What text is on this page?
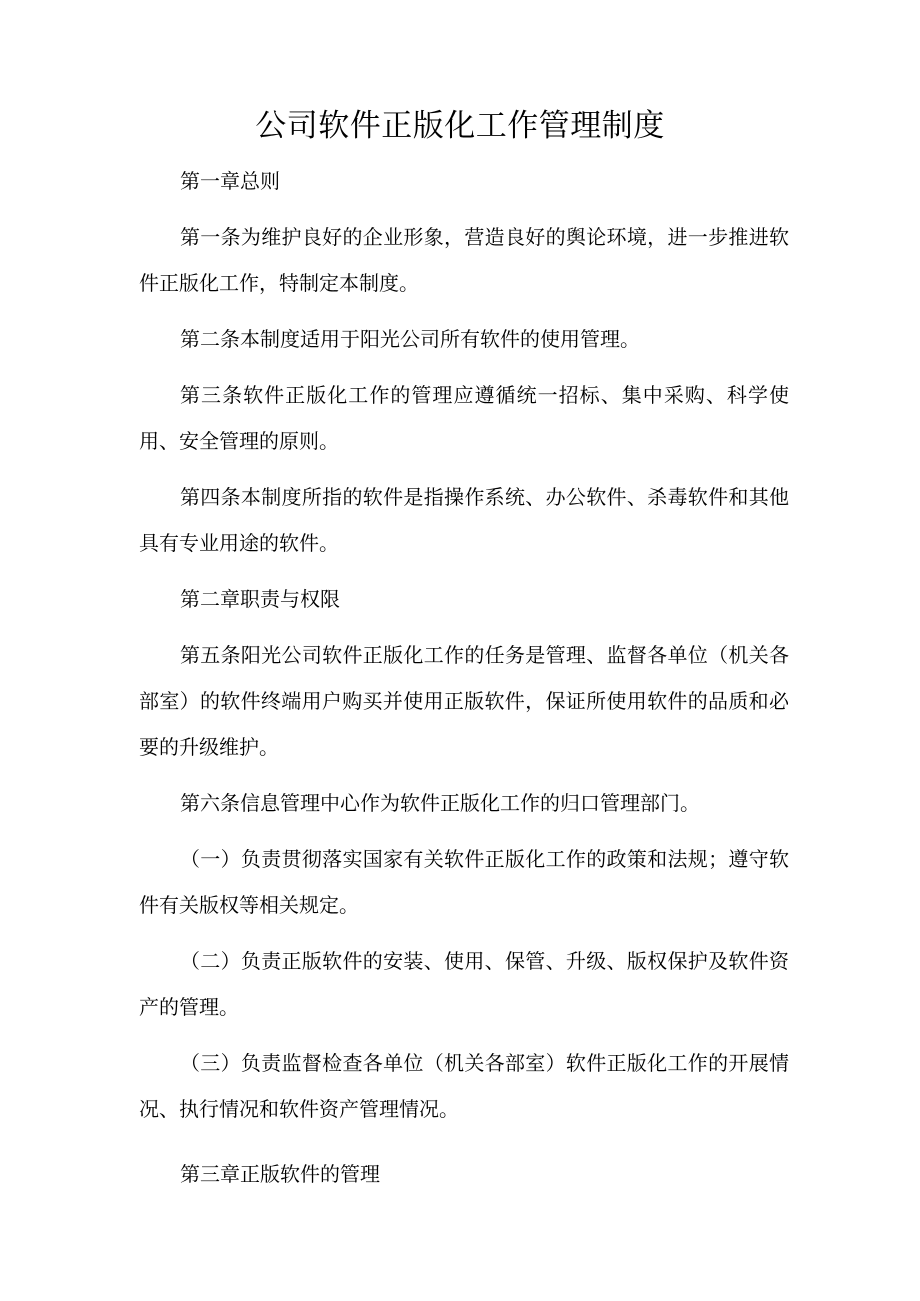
公司软件正版化工作管理制度

第一章总则

第一条为维护良好的企业形象，营造良好的舆论环境，进一步推进软件正版化工作，特制定本制度。

第二条本制度适用于阳光公司所有软件的使用管理。

第三条软件正版化工作的管理应遵循统一招标、集中采购、科学使用、安全管理的原则。

第四条本制度所指的软件是指操作系统、办公软件、杀毒软件和其他具有专业用途的软件。

第二章职责与权限

第五条阳光公司软件正版化工作的任务是管理、监督各单位（机关各部室）的软件终端用户购买并使用正版软件，保证所使用软件的品质和必要的升级维护。

第六条信息管理中心作为软件正版化工作的归口管理部门。

（一）负责贯彻落实国家有关软件正版化工作的政策和法规；遵守软件有关版权等相关规定。

（二）负责正版软件的安装、使用、保管、升级、版权保护及软件资产的管理。

（三）负责监督检查各单位（机关各部室）软件正版化工作的开展情况、执行情况和软件资产管理情况。

第三章正版软件的管理
